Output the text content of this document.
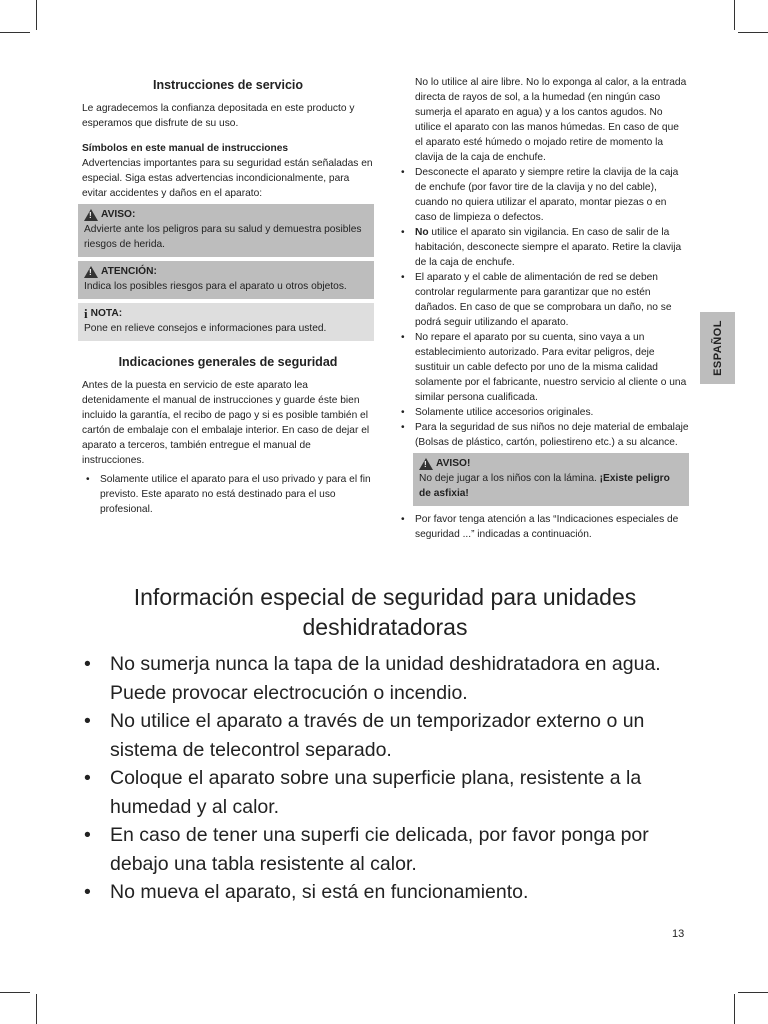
Instrucciones de servicio

Le agradecemos la confianza depositada en este producto y esperamos que disfrute de su uso.

Símbolos en este manual de instrucciones

Advertencias importantes para su seguridad están señaladas en especial. Siga estas advertencias incondicionalmente, para evitar accidentes y daños en el aparato:

!
AVISO:

Advierte ante los peligros para su salud y demuestra posibles riesgos de herida.

!
ATENCIÓN:

Indica los posibles riesgos para el aparato u otros objetos.

i NOTA:

Pone en relieve consejos e informaciones para usted.

Indicaciones generales de seguridad

Antes de la puesta en servicio de este aparato lea detenidamente el manual de instrucciones y guarde éste bien incluido la garantía, el recibo de pago y si es posible también el cartón de embalaje con el embalaje interior. En caso de dejar el aparato a terceros, también entregue el manual de instrucciones.

• Solamente utilice el aparato para el uso privado y para el fin previsto. Este aparato no está destinado para el uso profesional.

No lo utilice al aire libre. No lo exponga al calor, a la entrada directa de rayos de sol, a la humedad (en ningún caso sumerja el aparato en agua) y a los cantos agudos. No utilice el aparato con las manos húmedas. En caso de que el aparato esté húmedo o mojado retire de momento la clavija de la caja de enchufe.

• Desconecte el aparato y siempre retire la clavija de la caja de enchufe (por favor tire de la clavija y no del cable), cuando no quiera utilizar el aparato, montar piezas o en caso de limpieza o defectos.
• No utilice el aparato sin vigilancia. En caso de salir de la habitación, desconecte siempre el aparato. Retire la clavija de la caja de enchufe.
• El aparato y el cable de alimentación de red se deben controlar regularmente para garantizar que no estén dañados. En caso de que se comprobara un daño, no se podrá seguir utilizando el aparato.
• No repare el aparato por su cuenta, sino vaya a un establecimiento autorizado. Para evitar peligros, deje sustituir un cable defecto por uno de la misma calidad solamente por el fabricante, nuestro servicio al cliente o una similar persona cualificada.
• Solamente utilice accesorios originales.
• Para la seguridad de sus niños no deje material de embalaje (Bolsas de plástico, cartón, poliestireno etc.) a su alcance.
!
AVISO!

No deje jugar a los niños con la lámina. ¡Existe peligro de asfixia!

• Por favor tenga atención a las “Indicaciones especiales de seguridad ...” indicadas a continuación.
ESPAÑOL
Información especial de seguridad para unidades deshidratadoras
• No sumerja nunca la tapa de la unidad deshidratadora en agua. Puede provocar electrocución o incendio.
• No utilice el aparato a través de un temporizador externo o un sistema de telecontrol separado.
• Coloque el aparato sobre una superficie plana, resistente a la humedad y al calor.
• En caso de tener una superfi cie delicada, por favor ponga por debajo una tabla resistente al calor.
• No mueva el aparato, si está en funcionamiento.
13
